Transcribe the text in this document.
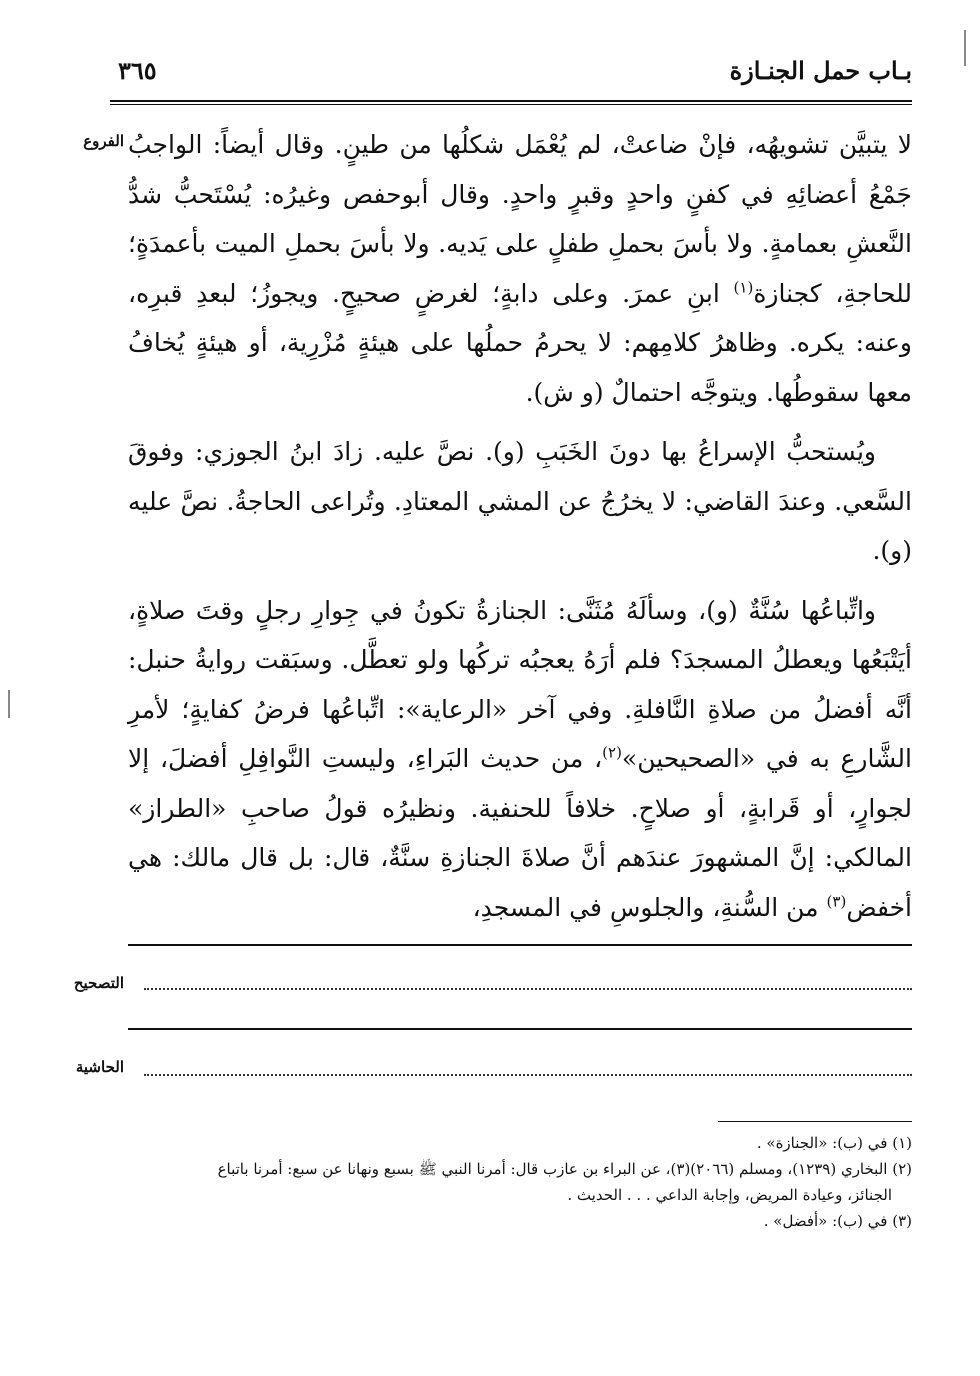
بـاب حمل الجنـازة
٣٦٥
الفروع لا يتبيَّن تشويهُه، فإنْ ضاعتْ، لم يُعْمَل شكلُها من طينٍ. وقال أيضاً: الواجبُ جَمْعُ أعضائِهِ في كفنٍ واحدٍ وقبرٍ واحدٍ. وقال أبوحفص وغيرُه: يُسْتَحبُّ شدُّ النَّعشِ بعمامةٍ. ولا بأسَ بحملِ طفلٍ على يَديه. ولا بأسَ بحملِ الميت بأعمدَةٍ؛ للحاجةِ، كجنازة$^{(١)}$ ابنِ عمرَ. وعلى دابةٍ؛ لغرضٍ صحيحٍ. ويجوزُ؛ لبعدِ قبرِه، وعنه: يكره. وظاهرُ كلامِهم: لا يحرمُ حملُها على هيئةٍ مُزْرِية، أو هيئةٍ يُخافُ معها سقوطُها. ويتوجَّه احتمالٌ (و ش).

ويُستحبُّ الإسراعُ بها دونَ الخَبَبِ (و). نصَّ عليه. زادَ ابنُ الجوزي: وفوقَ السَّعي. وعندَ القاضي: لا يخرُجُ عن المشي المعتادِ. وتُراعى الحاجةُ. نصَّ عليه (و).

واتِّباعُها سُنَّةٌ (و)، وسألَهُ مُثَنَّى: الجنازةُ تكونُ في جِوارِ رجلٍ وقتَ صلاةٍ، أيَتْبَعُها ويعطلُ المسجدَ؟ فلم أرَهُ يعجبُه تركُها ولو تعطَّل. وسبَقت روايةُ حنبل: أنَّه أفضلُ من صلاةِ النَّافلةِ. وفي آخر «الرعاية»: اتِّباعُها فرضُ كفايةٍ؛ لأمرِ الشَّارعِ به في «الصحيحين»$^{(٢)}$، من حديث البَراءِ، وليستِ النَّوافِلِ أفضلَ، إلا لجوارٍ، أو قَرابةٍ، أو صلاحٍ. خلافاً للحنفية. ونظيرُه قولُ صاحبِ «الطراز» المالكي: إنَّ المشهورَ عندَهم أنَّ صلاةَ الجنازةِ سنَّةٌ، قال: بل قال مالك: هي أخفض$^{(٣)}$ من السُّنةِ، والجلوسِ في المسجدِ،

التصحيح
الحاشية

(١) في (ب): «الجنازة» .

(٢) البخاري (١٢٣٩)، ومسلم (٢٠٦٦)(٣)، عن البراء بن عازب قال: أمرنا النبي ﷺ بسبع ونهانا عن سبع: أمرنا باتباع

الجنائز، وعيادة المريض، وإجابة الداعي . . . الحديث .

(٣) في (ب): «أفضل» .
